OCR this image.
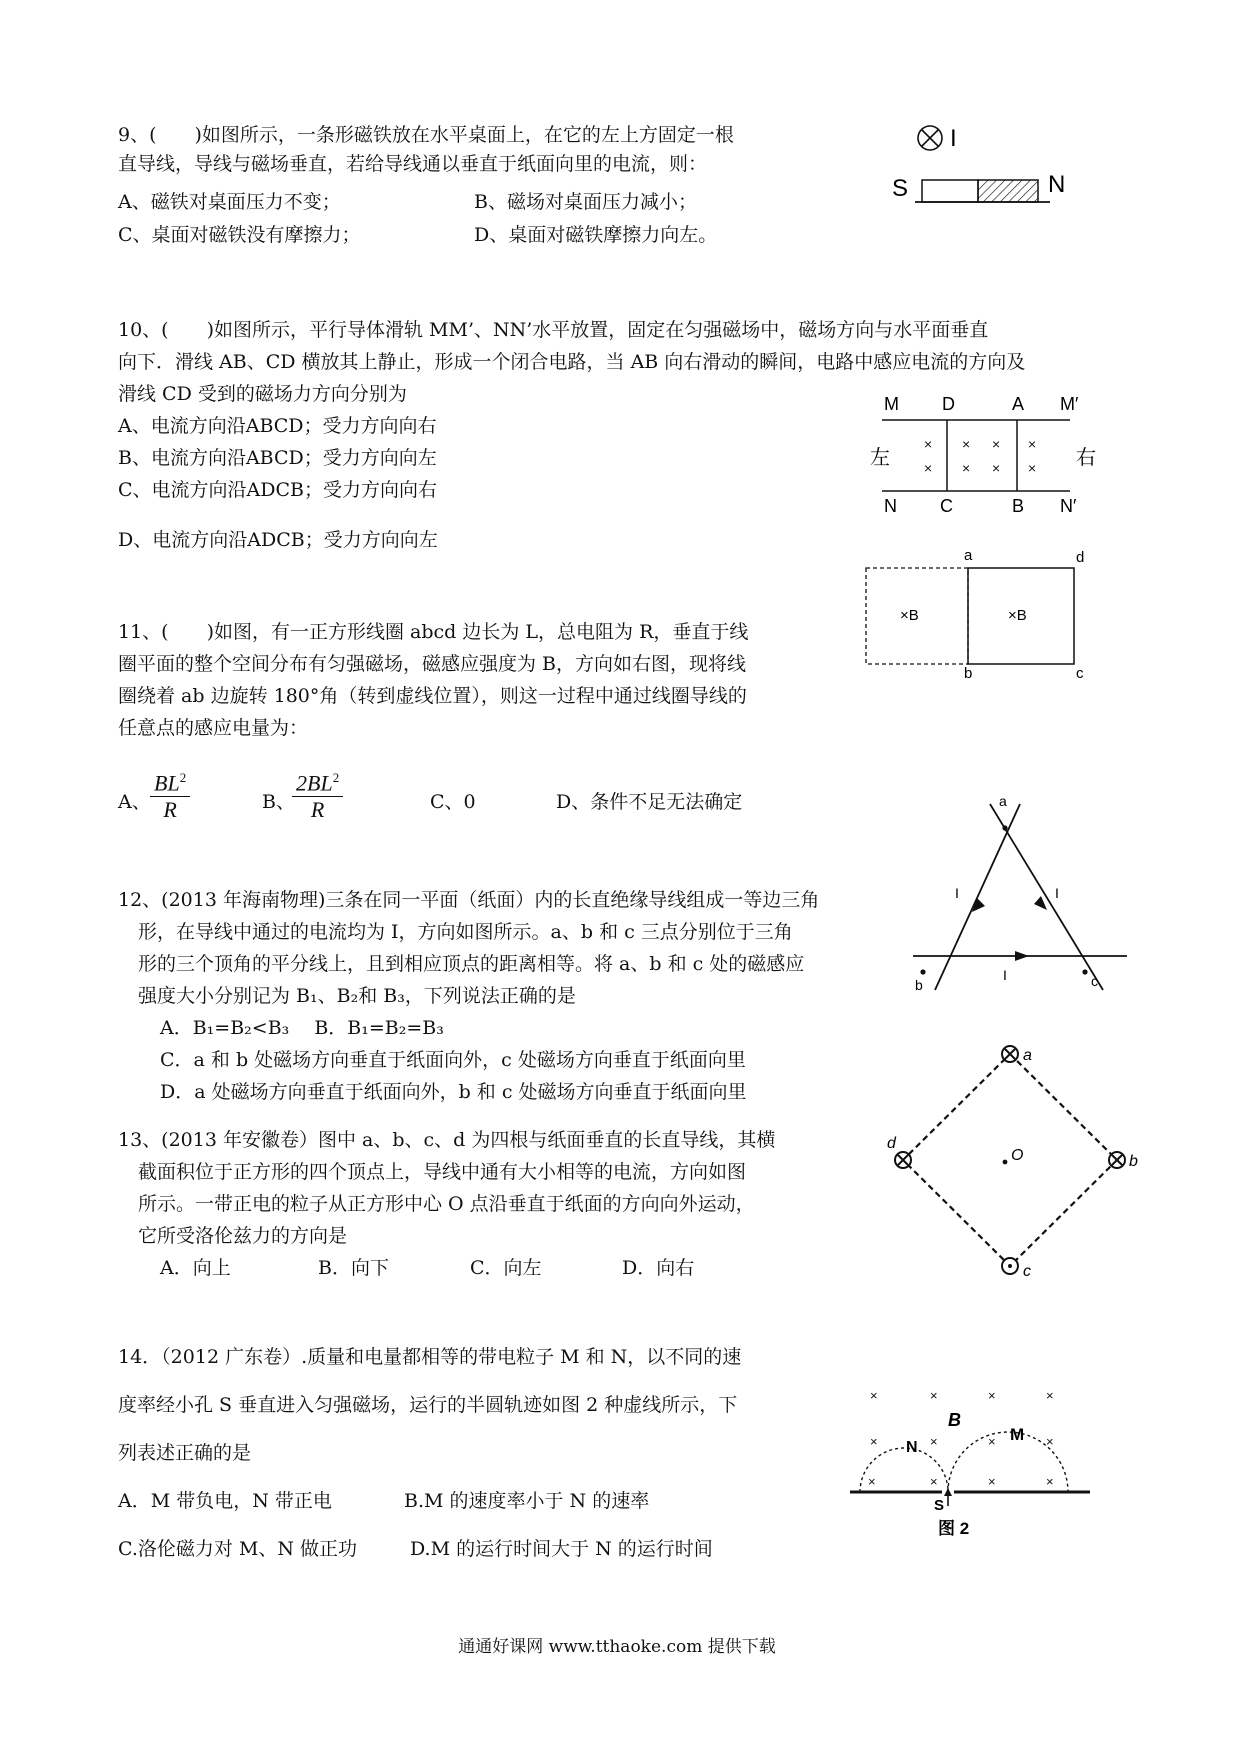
9、(　　)如图所示，一条形磁铁放在水平桌面上，在它的左上方固定一根
直导线，导线与磁场垂直，若给导线通以垂直于纸面向里的电流，则：
A、磁铁对桌面压力不变；	B、磁场对桌面压力减小；
C、桌面对磁铁没有摩擦力；	D、桌面对磁铁摩擦力向左。
I
S	N
10、(　　)如图所示，平行导体滑轨 MM’、NN’水平放置，固定在匀强磁场中，磁场方向与水平面垂直
向下．滑线 AB、CD 横放其上静止，形成一个闭合电路，当 AB 向右滑动的瞬间，电路中感应电流的方向及
滑线 CD 受到的磁场力方向分别为
A、电流方向沿ABCD；受力方向向右
B、电流方向沿ABCD；受力方向向左
C、电流方向沿ADCB；受力方向向右
D、电流方向沿ADCB；受力方向向左
M D	A M′
N C	B N′
左	右
×
×
×
×
×
×
×
×
11、(　　)如图，有一正方形线圈 abcd 边长为 L，总电阻为 R，垂直于线
圈平面的整个空间分布有匀强磁场，磁感应强度为 B，方向如右图，现将线
圈绕着 ab 边旋转 180°角（转到虚线位置），则这一过程中通过线圈导线的
任意点的感应电量为：
A、 $\frac{BL^2}{R}$	B、
$\frac{2BL^2}{R}$	C、0	D、条件不足无法确定
a	d
b	c
×B	×B
12、(2013 年海南物理)三条在同一平面（纸面）内的长直绝缘导线组成一等边三角
形，在导线中通过的电流均为 I，方向如图所示。a、b 和 c 三点分别位于三角
形的三个顶角的平分线上，且到相应顶点的距离相等。将 a、b 和 c 处的磁感应
强度大小分别记为 B₁、B₂和 B₃，下列说法正确的是
A．B₁=B₂<B₃　 B．B₁=B₂=B₃
C．a 和 b 处磁场方向垂直于纸面向外，c 处磁场方向垂直于纸面向里
D．a 处磁场方向垂直于纸面向外，b 和 c 处磁场方向垂直于纸面向里
I	I
I
a
b	c
13、(2013 年安徽卷）图中 a、b、c、d 为四根与纸面垂直的长直导线，其横
截面积位于正方形的四个顶点上，导线中通有大小相等的电流，方向如图
所示。一带正电的粒子从正方形中心 O 点沿垂直于纸面的方向向外运动，
它所受洛伦兹力的方向是
A．向上	B．向下	C．向左	D．向右
a
b
c
d
O
14．（2012 广东卷）.质量和电量都相等的带电粒子 M 和 N，以不同的速
度率经小孔 S 垂直进入匀强磁场，运行的半圆轨迹如图 2 种虚线所示，下
列表述正确的是
A．M 带负电，N 带正电	B.M 的速度率小于 N 的速率
C.洛伦磁力对 M、N 做正功	D.M 的运行时间大于 N 的运行时间
×	×	×	×
×	×	×	×
×	×	×	×
B
N
M
S
图 2
通通好课网 www.tthaoke.com 提供下载
